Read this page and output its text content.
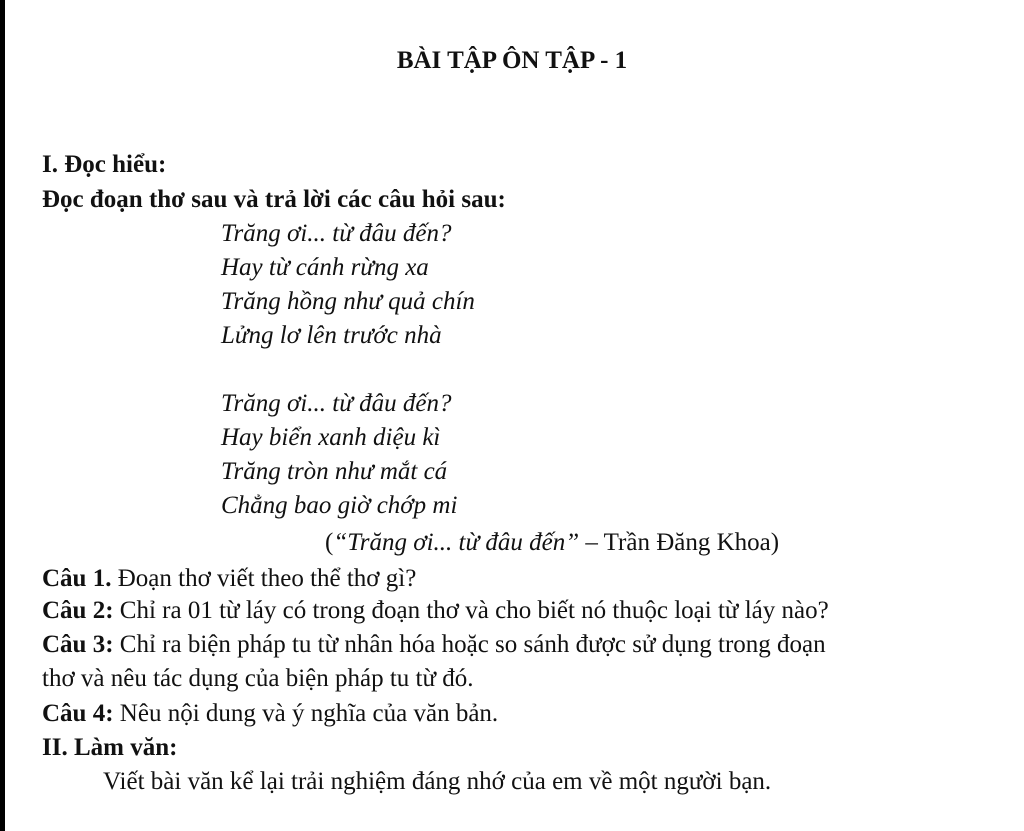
BÀI TẬP ÔN TẬP - 1
I. Đọc hiểu:
Đọc đoạn thơ sau và trả lời các câu hỏi sau:
Trăng ơi... từ đâu đến?
Hay từ cánh rừng xa
Trăng hồng như quả chín
Lửng lơ lên trước nhà
Trăng ơi... từ đâu đến?
Hay biển xanh diệu kì
Trăng tròn như mắt cá
Chẳng bao giờ chớp mi
(“Trăng ơi... từ đâu đến” – Trần Đăng Khoa)
Câu 1. Đoạn thơ viết theo thể thơ gì?
Câu 2: Chỉ ra 01 từ láy có trong đoạn thơ và cho biết nó thuộc loại từ láy nào?
Câu 3: Chỉ ra biện pháp tu từ nhân hóa hoặc so sánh được sử dụng trong đoạn
thơ và nêu tác dụng của biện pháp tu từ đó.
Câu 4: Nêu nội dung và ý nghĩa của văn bản.
II. Làm văn:
Viết bài văn kể lại trải nghiệm đáng nhớ của em về một người bạn.
